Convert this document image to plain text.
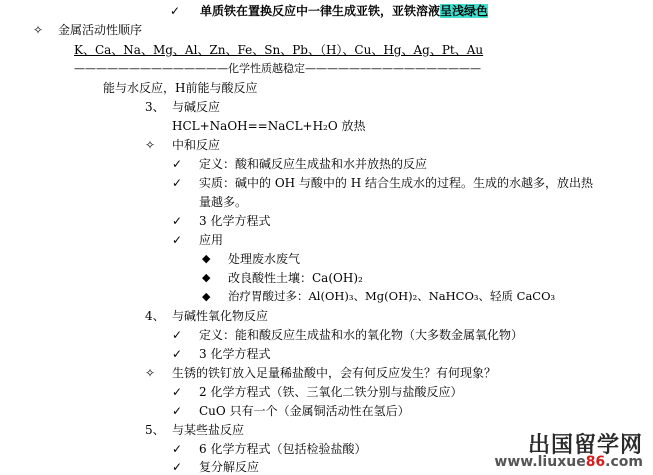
✓ 单质铁在置换反应中一律生成亚铁，亚铁溶液呈浅绿色
✧ 金属活动性顺序
K、Ca、Na、Mg、Al、Zn、Fe、Sn、Pb、（H）、Cu、Hg、Ag、Pt、Au
——————————————化学性质越稳定————————————————
能与水反应，H前能与酸反应
3、 与碱反应
HCL+NaOH==NaCL+H₂O 放热
✧ 中和反应
✓ 定义：酸和碱反应生成盐和水并放热的反应
✓ 实质：碱中的 OH 与酸中的 H 结合生成水的过程。生成的水越多，放出热
量越多。
✓ 3 化学方程式
✓ 应用
◆ 处理废水废气
◆ 改良酸性土壤：Ca(OH)₂
◆ 治疗胃酸过多：Al(OH)₃、Mg(OH)₂、NaHCO₃、轻质 CaCO₃
4、 与碱性氧化物反应
✓ 定义：能和酸反应生成盐和水的氧化物（大多数金属氧化物）
✓ 3 化学方程式
✧ 生锈的铁钉放入足量稀盐酸中，会有何反应发生？有何现象？
✓ 2 化学方程式（铁、三氧化二铁分别与盐酸反应）
✓ CuO 只有一个（金属铜活动性在氢后）
5、 与某些盐反应
✓ 6 化学方程式（包括检验盐酸）
✓ 复分解反应
出国留学网
www.liuxue86.com
